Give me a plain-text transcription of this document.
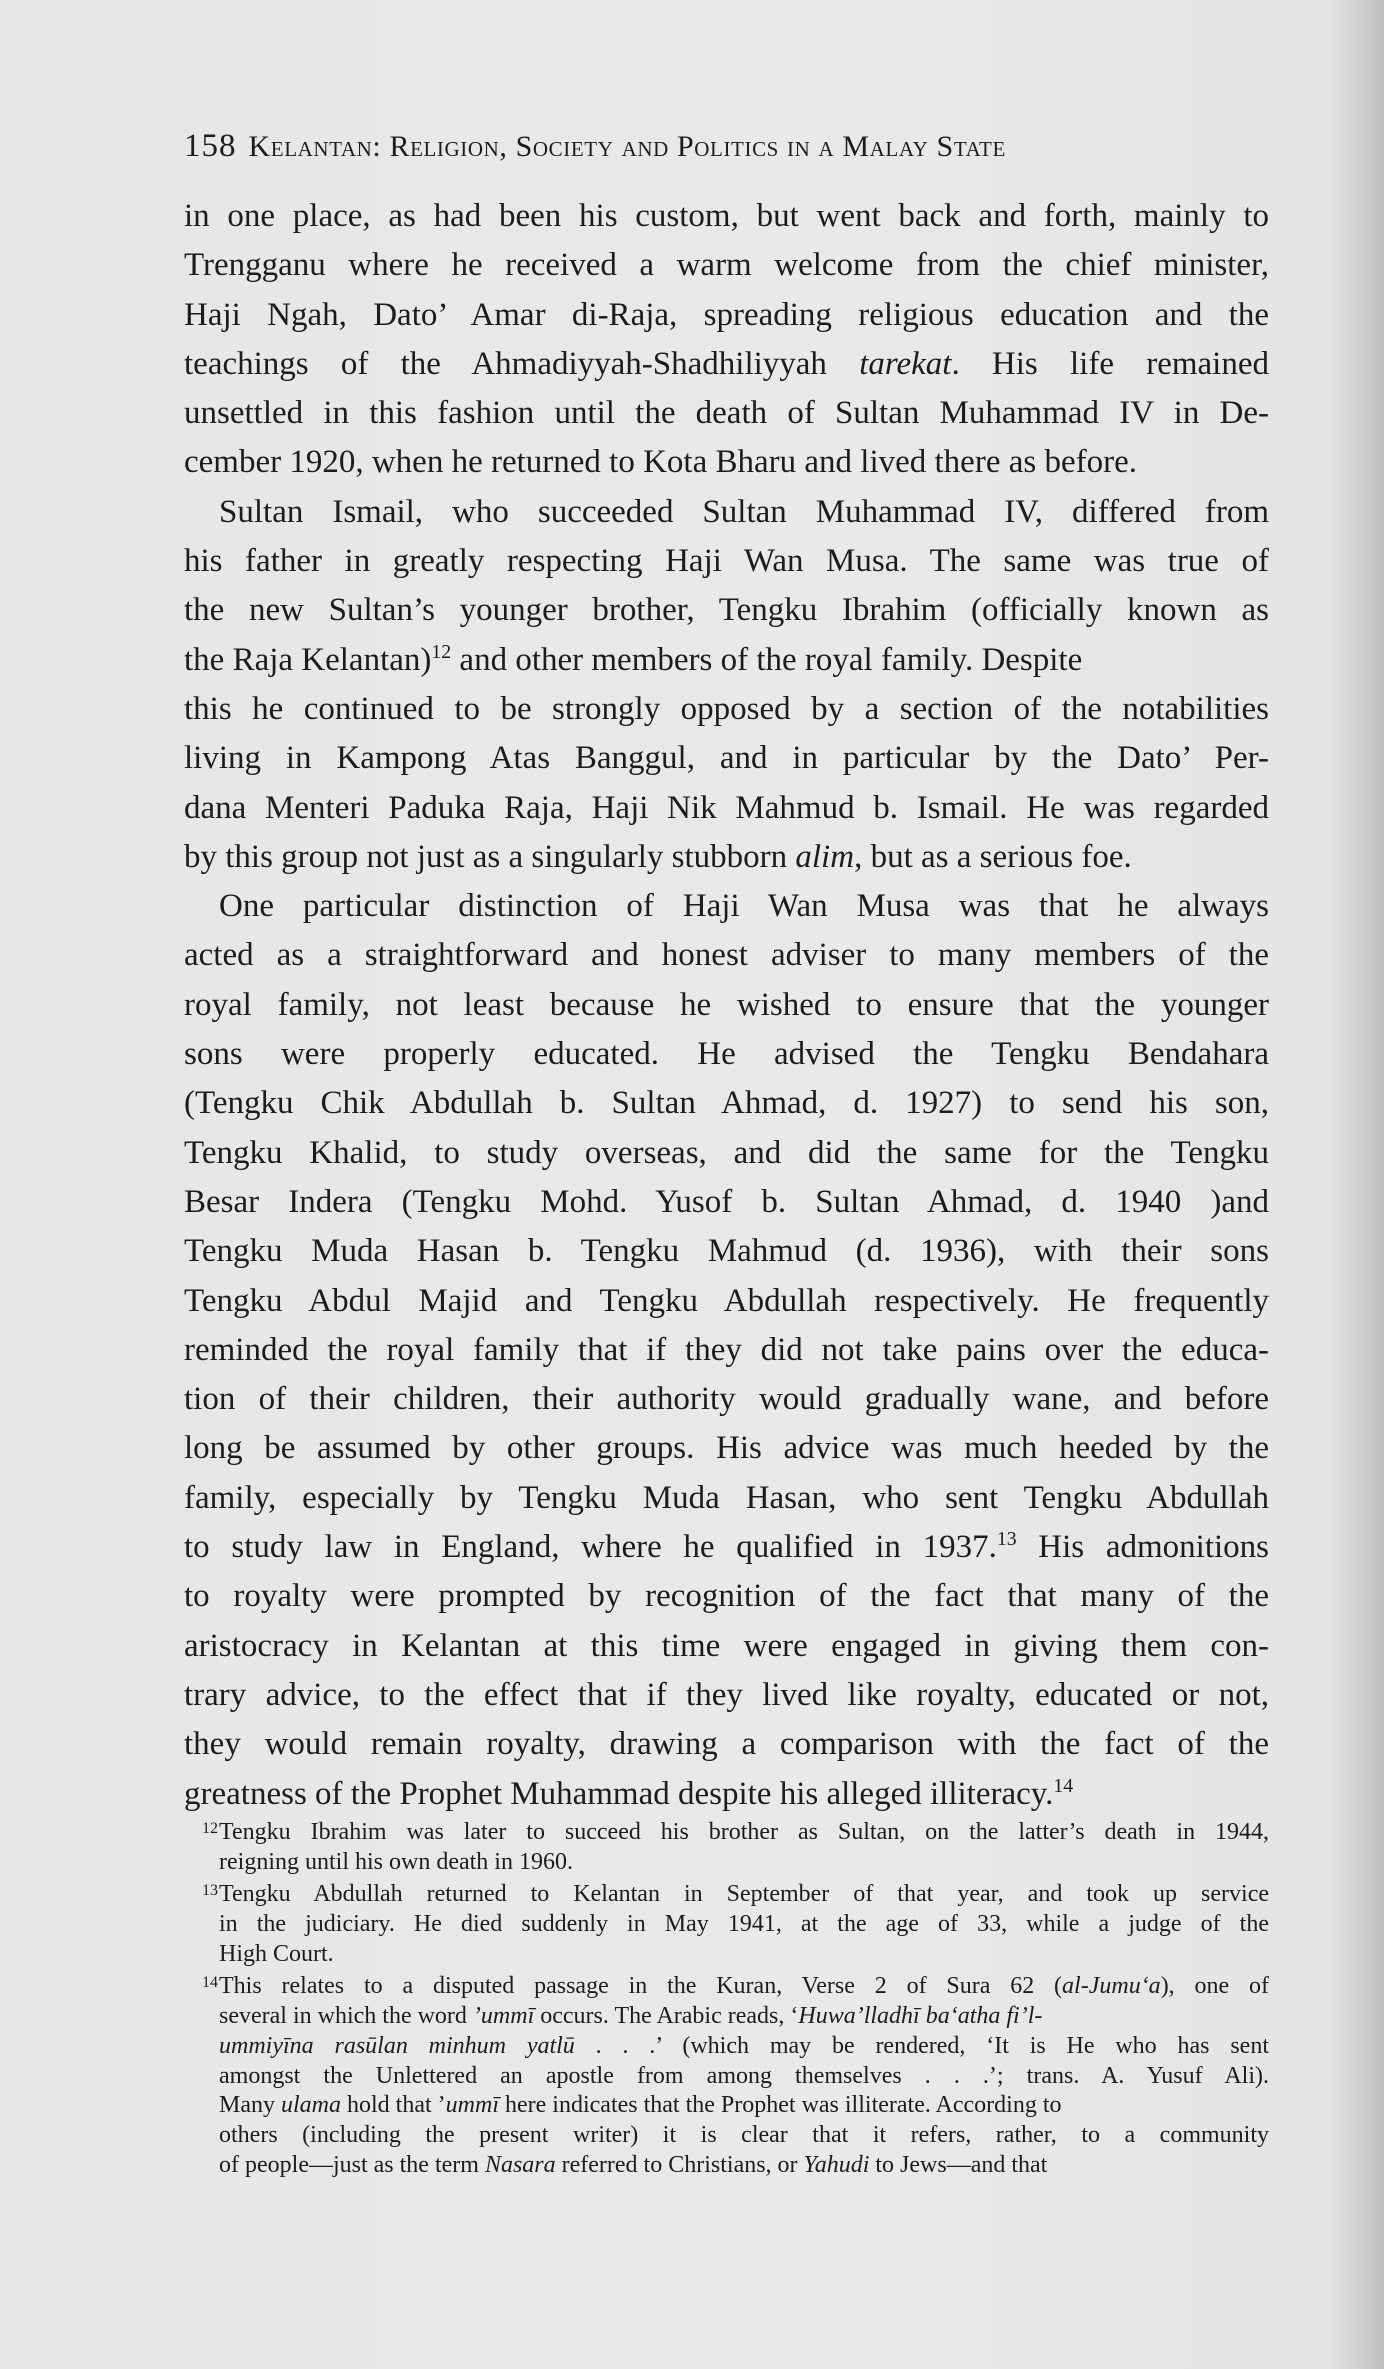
158 Kelantan: Religion, Society and Politics in a Malay State
in one place, as had been his custom, but went back and forth, mainly to
Trengganu where he received a warm welcome from the chief minister,
Haji Ngah, Dato’ Amar di-Raja, spreading religious education and the
teachings of the Ahmadiyyah-Shadhiliyyah tarekat. His life remained
unsettled in this fashion until the death of Sultan Muhammad IV in De-
cember 1920, when he returned to Kota Bharu and lived there as before.
Sultan Ismail, who succeeded Sultan Muhammad IV, differed from
his father in greatly respecting Haji Wan Musa. The same was true of
the new Sultan’s younger brother, Tengku Ibrahim (officially known as
the Raja Kelantan)$^{12}$ and other members of the royal family. Despite
this he continued to be strongly opposed by a section of the notabilities
living in Kampong Atas Banggul, and in particular by the Dato’ Per-
dana Menteri Paduka Raja, Haji Nik Mahmud b. Ismail. He was regarded
by this group not just as a singularly stubborn alim, but as a serious foe.
One particular distinction of Haji Wan Musa was that he always
acted as a straightforward and honest adviser to many members of the
royal family, not least because he wished to ensure that the younger
sons were properly educated. He advised the Tengku Bendahara
(Tengku Chik Abdullah b. Sultan Ahmad, d. 1927) to send his son,
Tengku Khalid, to study overseas, and did the same for the Tengku
Besar Indera (Tengku Mohd. Yusof b. Sultan Ahmad, d. 1940 )and
Tengku Muda Hasan b. Tengku Mahmud (d. 1936), with their sons
Tengku Abdul Majid and Tengku Abdullah respectively. He frequently
reminded the royal family that if they did not take pains over the educa-
tion of their children, their authority would gradually wane, and before
long be assumed by other groups. His advice was much heeded by the
family, especially by Tengku Muda Hasan, who sent Tengku Abdullah
to study law in England, where he qualified in 1937.13 His admonitions
to royalty were prompted by recognition of the fact that many of the
aristocracy in Kelantan at this time were engaged in giving them con-
trary advice, to the effect that if they lived like royalty, educated or not,
they would remain royalty, drawing a comparison with the fact of the
greatness of the Prophet Muhammad despite his alleged illiteracy.$^{14}$
12 Tengku Ibrahim was later to succeed his brother as Sultan, on the latter’s death in 1944,
reigning until his own death in 1960.
13 Tengku Abdullah returned to Kelantan in September of that year, and took up service
in the judiciary. He died suddenly in May 1941, at the age of 33, while a judge of the
High Court.
14 This relates to a disputed passage in the Kuran, Verse 2 of Sura 62 (al-Jumu‘a), one of
several in which the word ’ummī occurs. The Arabic reads, ‘Huwa’lladhī ba‘atha fi’l-
ummiyīna rasūlan minhum yatlū . . .’ (which may be rendered, ‘It is He who has sent
amongst the Unlettered an apostle from among themselves . . .’; trans. A. Yusuf Ali).
Many ulama hold that ’ummī here indicates that the Prophet was illiterate. According to
others (including the present writer) it is clear that it refers, rather, to a community
of people—just as the term Nasara referred to Christians, or Yahudi to Jews—and that
